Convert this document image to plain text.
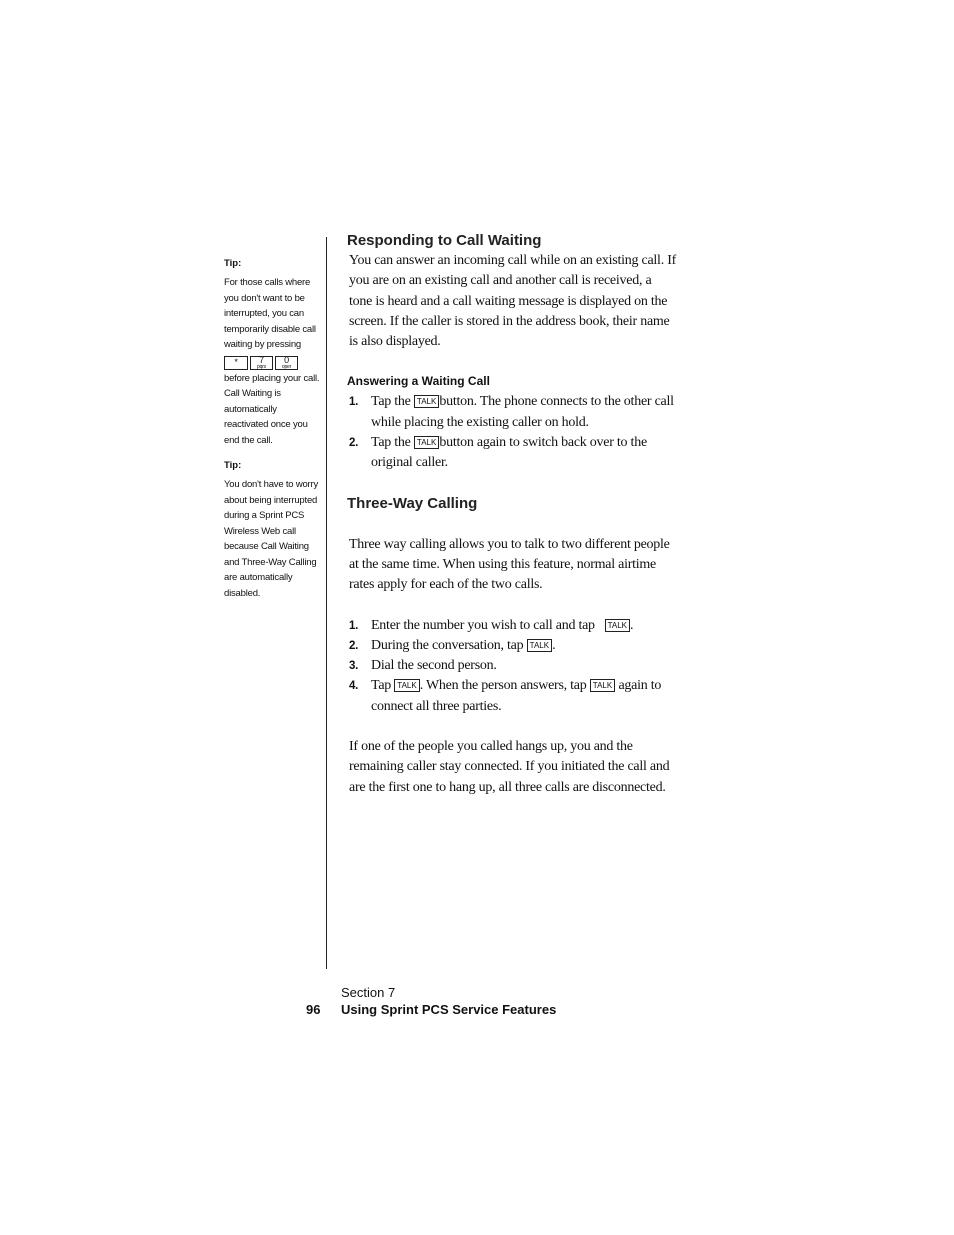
Tip:
For those calls where you don't want to be interrupted, you can temporarily disable call waiting by pressing
* 7
pqrs
0
oper
before placing your call. Call Waiting is automatically reactivated once you end the call.
Tip:
You don't have to worry about being interrupted during a Sprint PCS Wireless Web call because Call Waiting and Three-Way Calling are automatically disabled.
Responding to Call Waiting

You can answer an incoming call while on an existing call. If you are on an existing call and another call is received, a tone is heard and a call waiting message is displayed on the screen. If the caller is stored in the address book, their name is also displayed.

Answering a Waiting Call
1. Tap the TALK button. The phone connects to the other call while placing the existing caller on hold.
2. Tap the TALK button again to switch back over to the original caller.
Three-Way Calling

Three way calling allows you to talk to two different people at the same time. When using this feature, normal airtime rates apply for each of the two calls.

1. Enter the number you wish to call and tap   TALK .
2. During the conversation, tap TALK .
3. Dial the second person.
4. Tap TALK . When the person answers, tap TALK again to connect all three parties.

If one of the people you called hangs up, you and the remaining caller stay connected. If you initiated the call and are the first one to hang up, all three calls are disconnected.

Section 7
96 Using Sprint PCS Service Features
